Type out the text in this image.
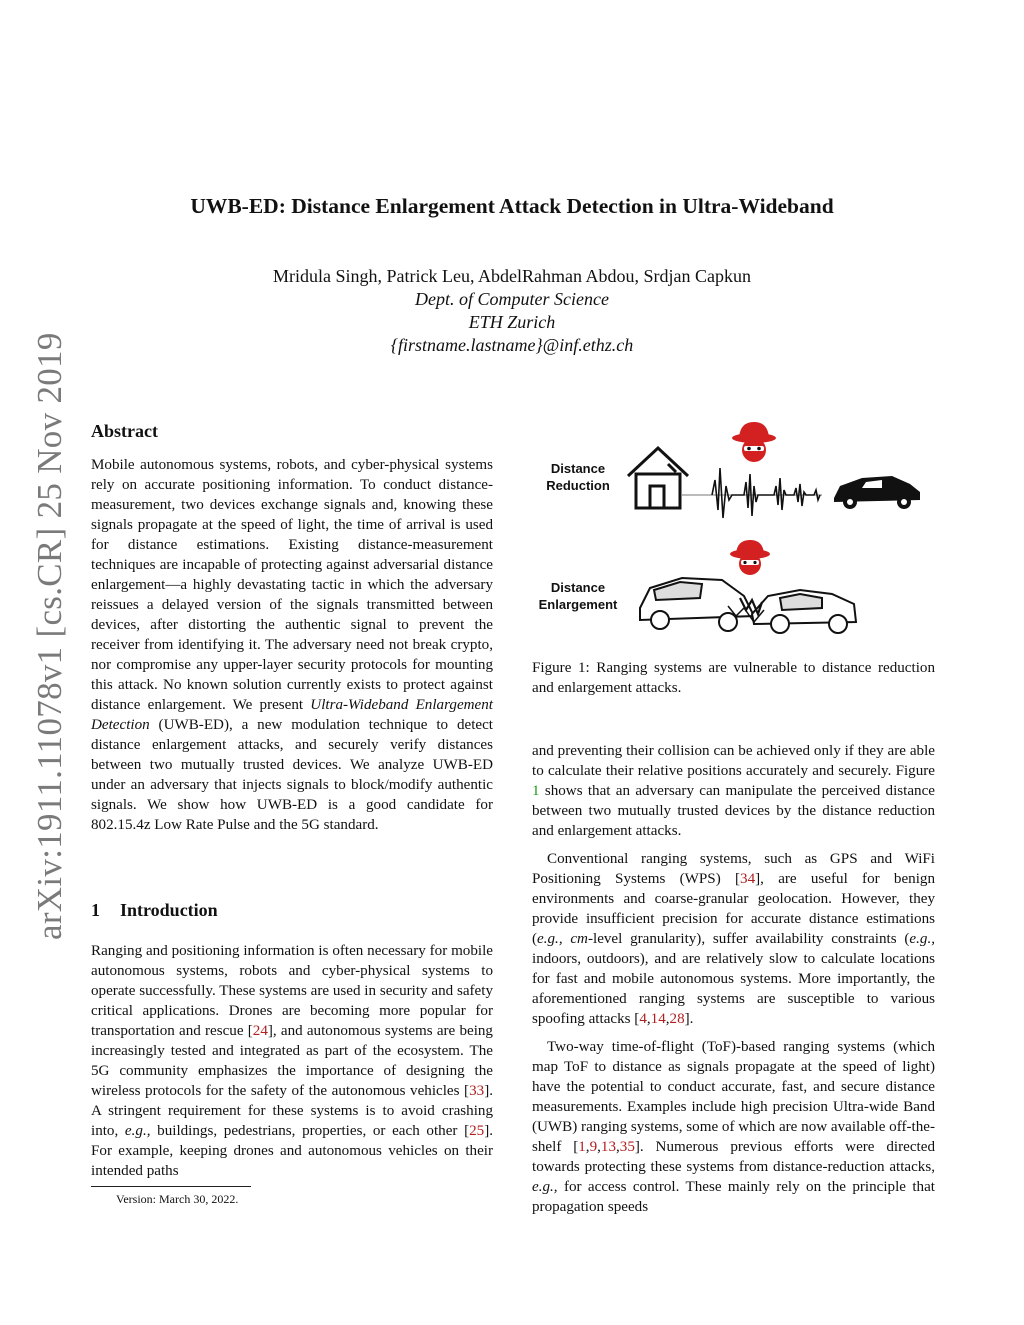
UWB-ED: Distance Enlargement Attack Detection in Ultra-Wideband
Mridula Singh, Patrick Leu, AbdelRahman Abdou, Srdjan Capkun
Dept. of Computer Science
ETH Zurich
{firstname.lastname}@inf.ethz.ch
arXiv:1911.11078v1 [cs.CR] 25 Nov 2019 Abstract

Mobile autonomous systems, robots, and cyber-physical systems rely on accurate positioning information. To conduct distance-measurement, two devices exchange signals and, knowing these signals propagate at the speed of light, the time of arrival is used for distance estimations. Existing distance-measurement techniques are incapable of protecting against adversarial distance enlargement—a highly devastating tactic in which the adversary reissues a delayed version of the signals transmitted between devices, after distorting the authentic signal to prevent the receiver from identifying it. The adversary need not break crypto, nor compromise any upper-layer security protocols for mounting this attack. No known solution currently exists to protect against distance enlargement. We present Ultra-Wideband Enlargement Detection (UWB-ED), a new modulation technique to detect distance enlargement attacks, and securely verify distances between two mutually trusted devices. We analyze UWB-ED under an adversary that injects signals to block/modify authentic signals. We show how UWB-ED is a good candidate for 802.15.4z Low Rate Pulse and the 5G standard.

1 Introduction

Ranging and positioning information is often necessary for mobile autonomous systems, robots and cyber-physical systems to operate successfully. These systems are used in security and safety critical applications. Drones are becoming more popular for transportation and rescue [24], and autonomous systems are being increasingly tested and integrated as part of the ecosystem. The 5G community emphasizes the importance of designing the wireless protocols for the safety of the autonomous vehicles [33]. A stringent requirement for these systems is to avoid crashing into, e.g., buildings, pedestrians, properties, or each other [25]. For example, keeping drones and autonomous vehicles on their intended paths

Version: March 30, 2022.
Distance
Reduction
Distance
Enlargement
Figure 1: Ranging systems are vulnerable to distance reduction and enlargement attacks.

and preventing their collision can be achieved only if they are able to calculate their relative positions accurately and securely. Figure 1 shows that an adversary can manipulate the perceived distance between two mutually trusted devices by the distance reduction and enlargement attacks.

Conventional ranging systems, such as GPS and WiFi Positioning Systems (WPS) [34], are useful for benign environments and coarse-granular geolocation. However, they provide insufficient precision for accurate distance estimations (e.g., cm-level granularity), suffer availability constraints (e.g., indoors, outdoors), and are relatively slow to calculate locations for fast and mobile autonomous systems. More importantly, the aforementioned ranging systems are susceptible to various spoofing attacks [4,14,28].

Two-way time-of-flight (ToF)-based ranging systems (which map ToF to distance as signals propagate at the speed of light) have the potential to conduct accurate, fast, and secure distance measurements. Examples include high precision Ultra-wide Band (UWB) ranging systems, some of which are now available off-the-shelf [1,9,13,35]. Numerous previous efforts were directed towards protecting these systems from distance-reduction attacks, e.g., for access control. These mainly rely on the principle that propagation speeds
